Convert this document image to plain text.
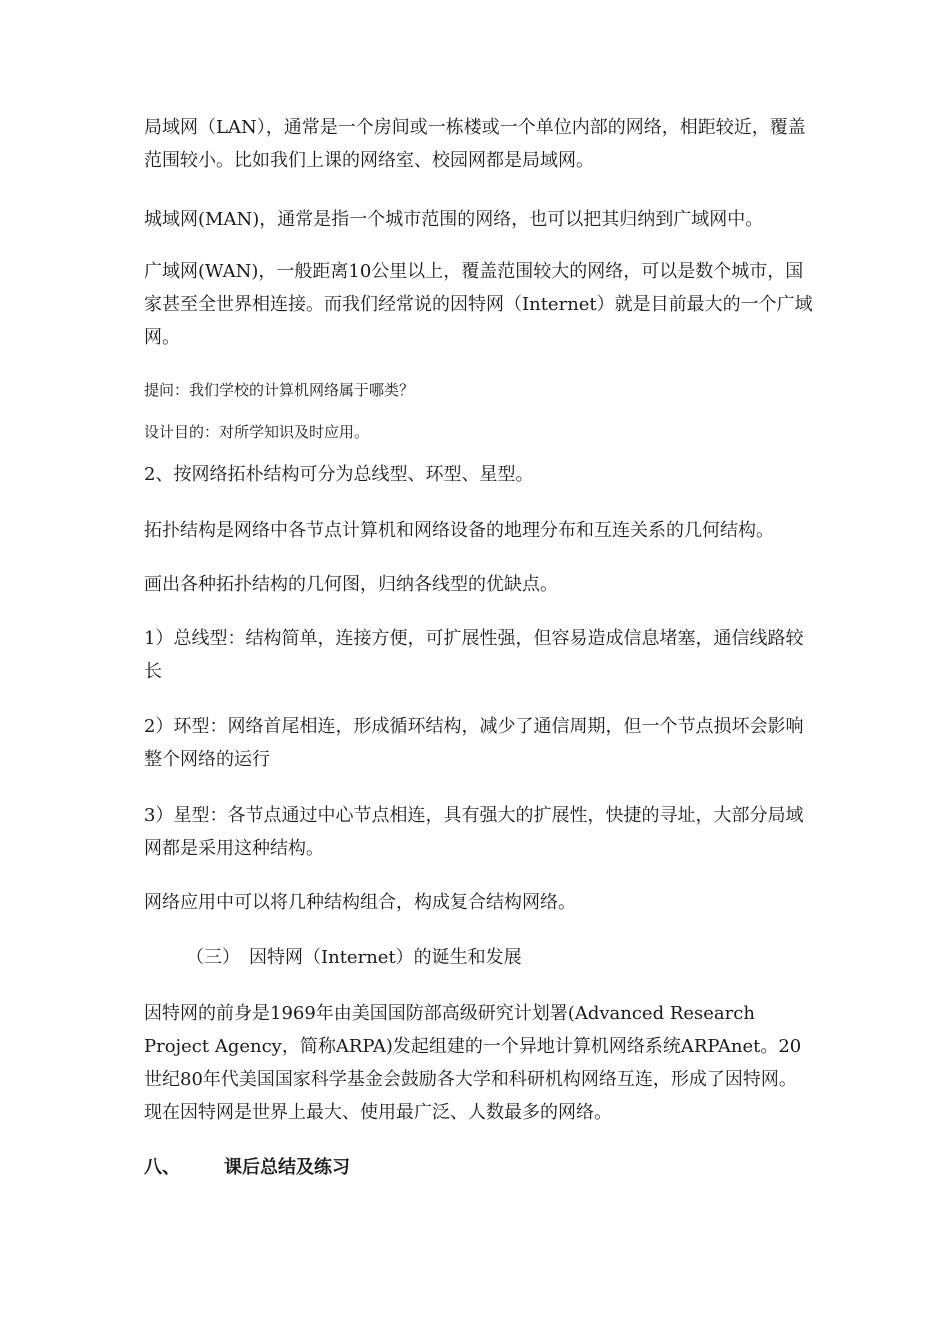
局域网（LAN），通常是一个房间或一栋楼或一个单位内部的网络，相距较近，覆盖范围较小。比如我们上课的网络室、校园网都是局域网。

城域网(MAN)，通常是指一个城市范围的网络，也可以把其归纳到广域网中。

广域网(WAN)，一般距离10公里以上，覆盖范围较大的网络，可以是数个城市，国家甚至全世界相连接。而我们经常说的因特网（Internet）就是目前最大的一个广域网。

提问：我们学校的计算机网络属于哪类？

设计目的：对所学知识及时应用。

2、按网络拓朴结构可分为总线型、环型、星型。

拓扑结构是网络中各节点计算机和网络设备的地理分布和互连关系的几何结构。

画出各种拓扑结构的几何图，归纳各线型的优缺点。

1）总线型：结构简单，连接方便，可扩展性强，但容易造成信息堵塞，通信线路较长

2）环型：网络首尾相连，形成循环结构，减少了通信周期，但一个节点损坏会影响整个网络的运行

3）星型：各节点通过中心节点相连，具有强大的扩展性，快捷的寻址，大部分局域网都是采用这种结构。

网络应用中可以将几种结构组合，构成复合结构网络。

（三）　因特网（Internet）的诞生和发展

因特网的前身是1969年由美国国防部高级研究计划署(Advanced Research Project Agency，简称ARPA)发起组建的一个异地计算机网络系统ARPAnet。20世纪80年代美国国家科学基金会鼓励各大学和科研机构网络互连，形成了因特网。现在因特网是世界上最大、使用最广泛、人数最多的网络。

八、 课后总结及练习
